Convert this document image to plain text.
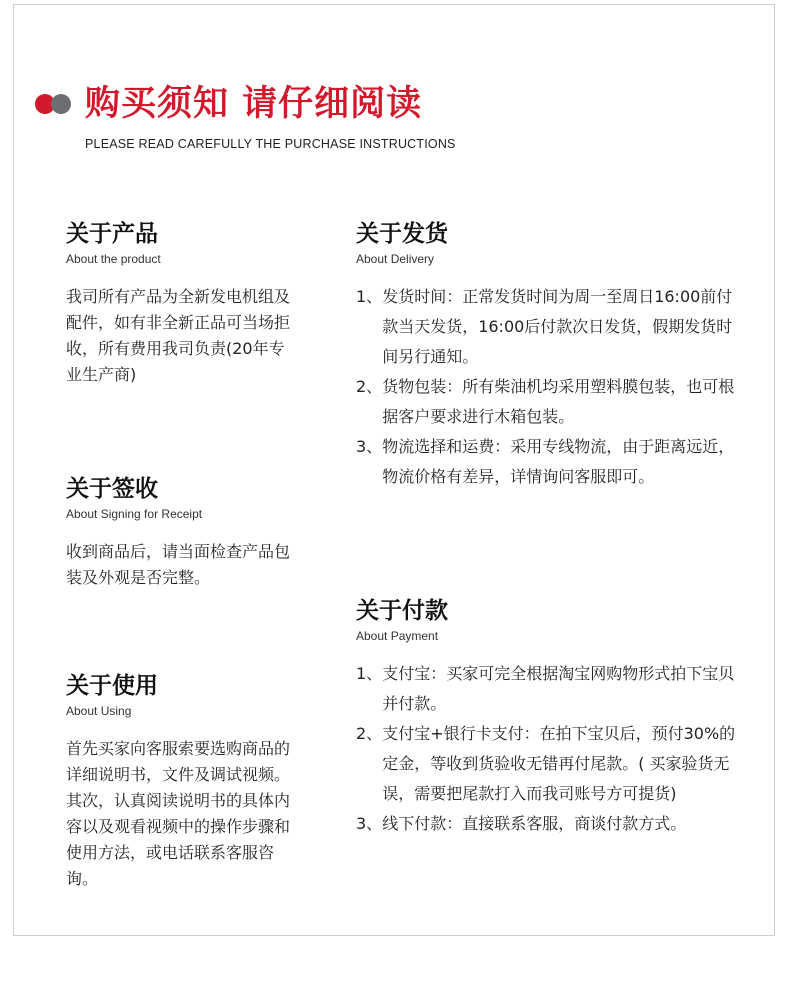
购买须知 请仔细阅读
PLEASE READ CAREFULLY THE PURCHASE INSTRUCTIONS
关于产品
About the product
我司所有产品为全新发电机组及配件，如有非全新正品可当场拒收，所有费用我司负责(20年专业生产商)
关于签收
About Signing for Receipt
收到商品后，请当面检查产品包装及外观是否完整。
关于使用
About Using
首先买家向客服索要选购商品的详细说明书，文件及调试视频。其次，认真阅读说明书的具体内容以及观看视频中的操作步骤和使用方法，或电话联系客服咨询。
关于发货
About Delivery
1、 发货时间：正常发货时间为周一至周日16:00前付款当天发货，16:00后付款次日发货，假期发货时间另行通知。
2、 货物包装：所有柴油机均采用塑料膜包装，也可根据客户要求进行木箱包装。
3、 物流选择和运费：采用专线物流，由于距离远近，物流价格有差异，详情询问客服即可。
关于付款
About Payment
1、 支付宝：买家可完全根据淘宝网购物形式拍下宝贝并付款。
2、 支付宝+银行卡支付：在拍下宝贝后，预付30%的定金，等收到货验收无错再付尾款。( 买家验货无误，需要把尾款打入而我司账号方可提货)
3、 线下付款：直接联系客服，商谈付款方式。
